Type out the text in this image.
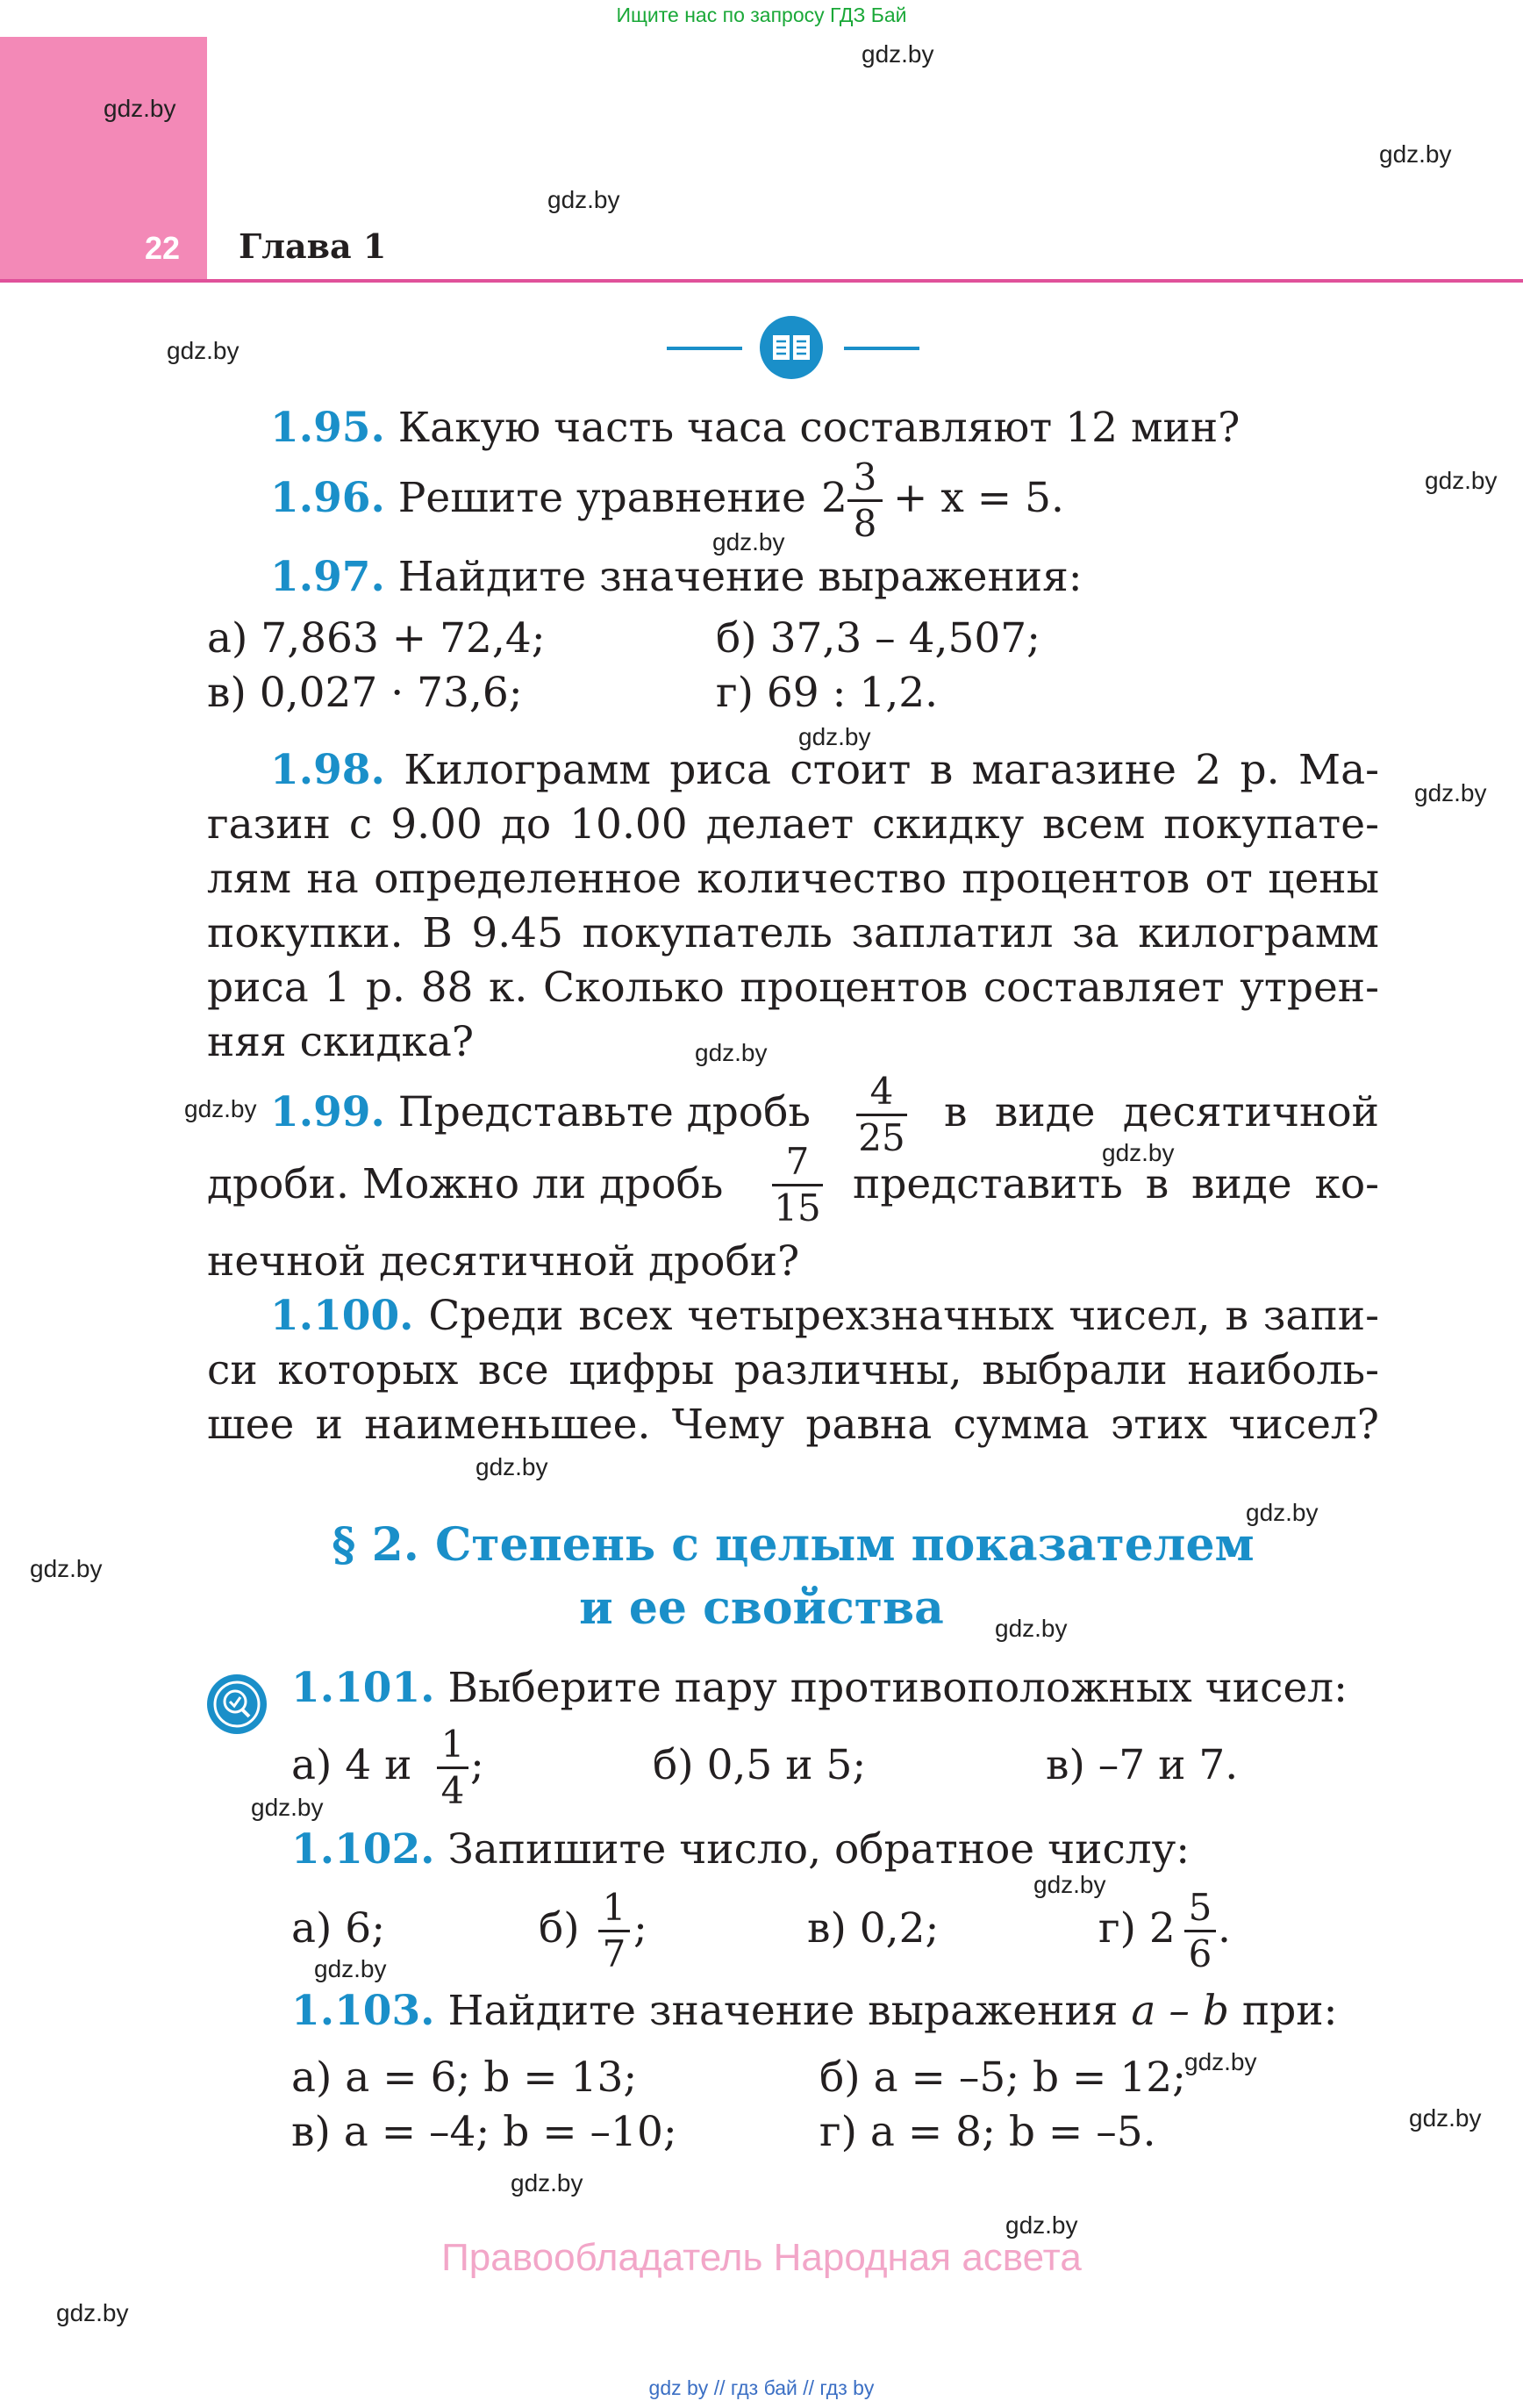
Ищите нас по запросу ГДЗ Бай
22 Глава 1
gdz.by
gdz.by
gdz.by
gdz.by
gdz.by
gdz.by
gdz.by
gdz.by
gdz.by
gdz.by
gdz.by
gdz.by
gdz.by
gdz.by
gdz.by
gdz.by
gdz.by
gdz.by
gdz.by
gdz.by
gdz.by
gdz.by
gdz.by
gdz.by
1.95. Какую часть часа составляют 12 мин?
1.96. Решите уравнение 2 3
8
+ x = 5.
1.97. Найдите значение выражения:
а) 7,863 + 72,4;	б) 37,3 – 4,507;
в) 0,027 · 73,6;	г) 69 : 1,2.
1.98. Килограмм риса стоит в магазине 2 р. Ма-
газин с 9.00 до 10.00 делает скидку всем покупате-
лям на определенное количество процентов от цены
покупки. В 9.45 покупатель заплатил за килограмм
риса 1 р. 88 к. Сколько процентов составляет утрен-
няя скидка?
1.99. Представьте дробь	4
25
в виде десятичной
дроби. Можно ли дробь	7
15 представить в виде ко-
нечной десятичной дроби?
1.100. Среди всех четырехзначных чисел, в запи-
си которых все цифры различны, выбрали наиболь-
шее и наименьшее. Чему равна сумма этих чисел?
§ 2. Степень с целым показателем
и ее свойства
1.101. Выберите пару противоположных чисел:
а) 4 и 1
4
;	б) 0,5 и 5;	в) –7 и 7.
1.102. Запишите число, обратное числу:
а) 6;	б) 1
7
;	в) 0,2;	г) 2 5
6
.
1.103. Найдите значение выражения a – b при:
а) a = 6; b = 13;	б) a = –5; b = 12;
в) a = –4; b = –10;	г) a = 8; b = –5.
Правообладатель Народная асвета
gdz by // гдз бай // гдз by
